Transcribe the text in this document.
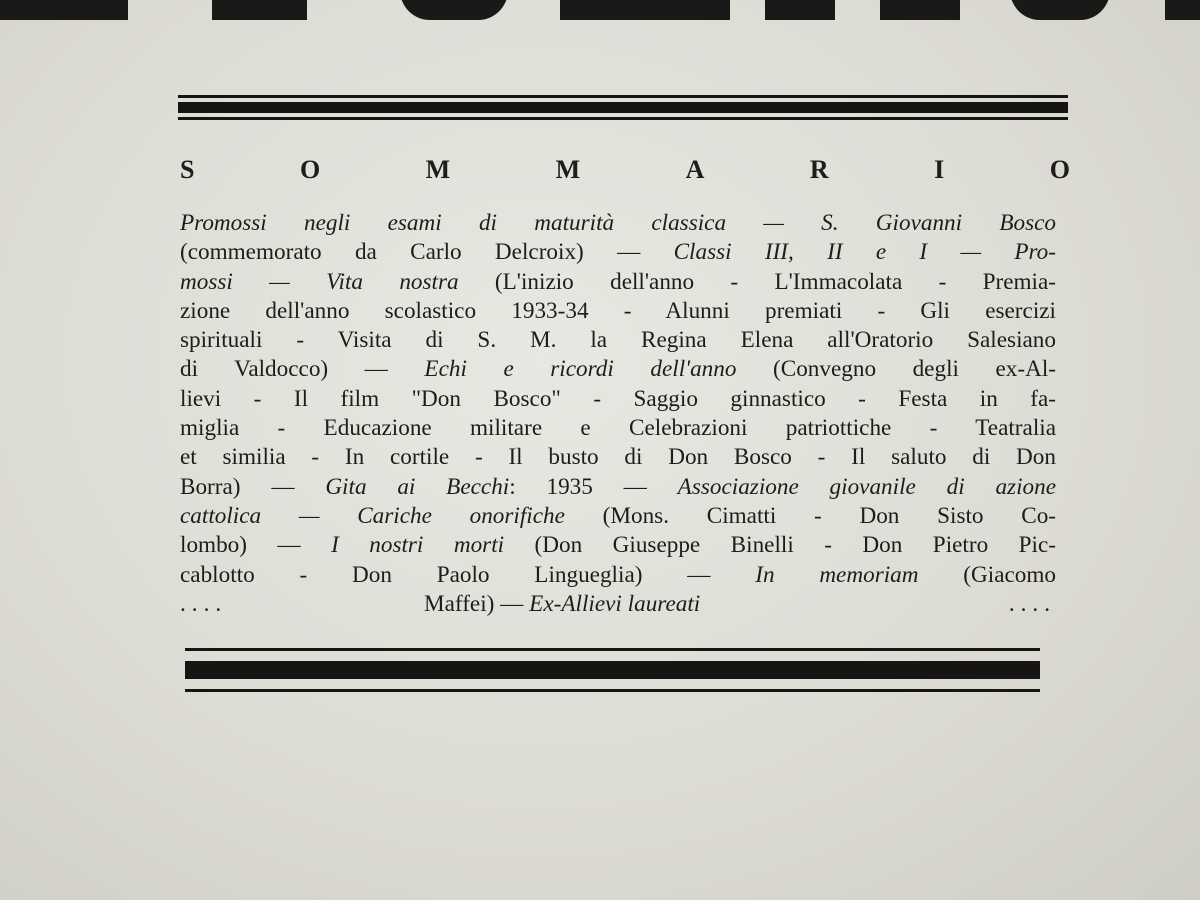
S	O	M	M	A	R	I	O
Promossi negli esami di maturità classica — S. Giovanni Bosco
(commemorato da Carlo Delcroix) — Classi III, II e I — Pro-
mossi — Vita nostra (L'inizio dell'anno - L'Immacolata - Premia-
zione dell'anno scolastico 1933-34 - Alunni premiati - Gli esercizi
spirituali - Visita di S. M. la Regina Elena all'Oratorio Salesiano
di Valdocco) — Echi e ricordi dell'anno (Convegno degli ex-Al-
lievi - Il film "Don Bosco" - Saggio ginnastico - Festa in fa-
miglia - Educazione militare e Celebrazioni patriottiche - Teatralia
et similia - In cortile - Il busto di Don Bosco - Il saluto di Don
Borra) — Gita ai Becchi: 1935 — Associazione giovanile di azione
cattolica — Cariche onorifiche (Mons. Cimatti - Don Sisto Co-
lombo) — I nostri morti (Don Giuseppe Binelli - Don Pietro Pic-
cablotto - Don Paolo Lingueglia) — In memoriam (Giacomo
....	Maffei) — Ex-Allievi laureati	....
